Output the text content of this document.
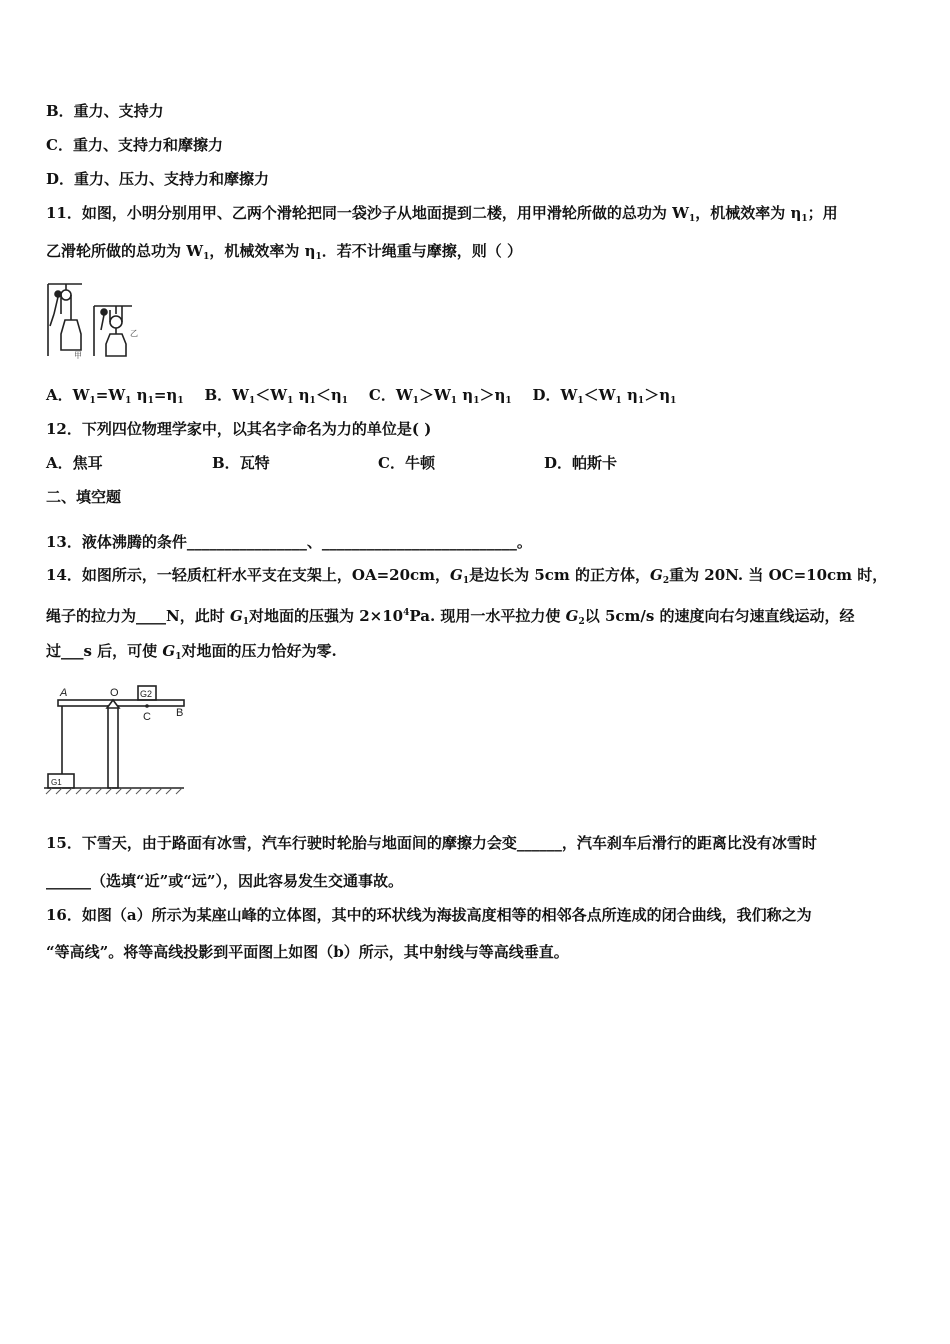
B．重力、支持力
C．重力、支持力和摩擦力
D．重力、压力、支持力和摩擦力
11．如图，小明分别用甲、乙两个滑轮把同一袋沙子从地面提到二楼，用甲滑轮所做的总功为 $W_1$，机械效率为 $\eta_1$；用
乙滑轮所做的总功为 $W_1$，机械效率为 $\eta_1$．若不计绳重与摩擦，则（ ）
甲
乙
A．$W_1=W_1$ $\eta_1=\eta_1$ B．$W_1<W_1$ $\eta_1<\eta_1$ C．$W_1>W_1$ $\eta_1>\eta_1$ D．$W_1<W_1$ $\eta_1>\eta_1$
12．下列四位物理学家中，以其名字命名为力的单位是( )
A．焦耳	B．瓦特	C．牛顿	D．帕斯卡
二、填空题
13．液体沸腾的条件________________、__________________________。
14．如图所示，一轻质杠杆水平支在支架上，OA=20cm，$G_1$是边长为 5cm 的正方体，$G_2$重为 20N. 当 OC=10cm 时，
绳子的拉力为____N，此时 $G_1$对地面的压强为 $2\times 10^4Pa$. 现用一水平拉力使 $G_2$以 5cm/s 的速度向右匀速直线运动，经
过___s 后，可使 $G_1$对地面的压力恰好为零.
A	O G2
C B
G1
15．下雪天，由于路面有冰雪，汽车行驶时轮胎与地面间的摩擦力会变______，汽车刹车后滑行的距离比没有冰雪时
______（选填“近”或“远”），因此容易发生交通事故。
16．如图（a）所示为某座山峰的立体图，其中的环状线为海拔高度相等的相邻各点所连成的闭合曲线，我们称之为
“等高线”。将等高线投影到平面图上如图（b）所示，其中射线与等高线垂直。
